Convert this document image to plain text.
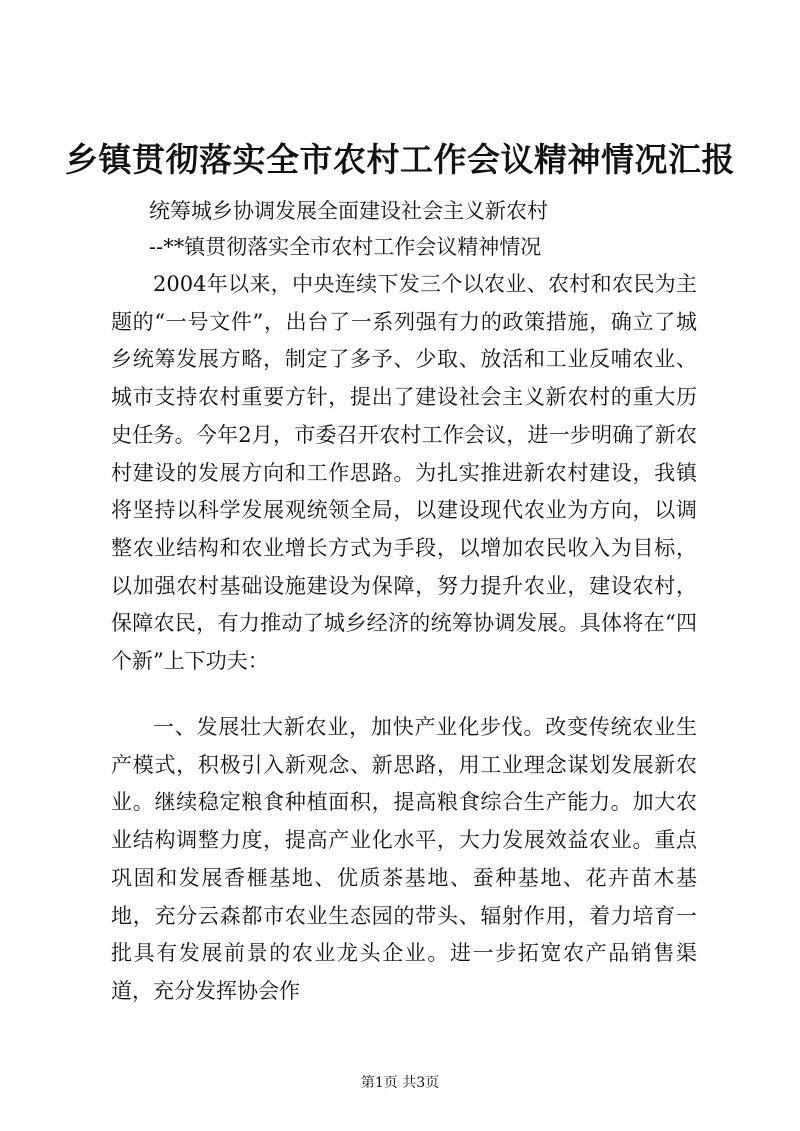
乡镇贯彻落实全市农村工作会议精神情况汇报
统筹城乡协调发展全面建设社会主义新农村
--**镇贯彻落实全市农村工作会议精神情况

2004年以来，中央连续下发三个以农业、农村和农民为主题的“一号文件”，出台了一系列强有力的政策措施，确立了城乡统筹发展方略，制定了多予、少取、放活和工业反哺农业、城市支持农村重要方针，提出了建设社会主义新农村的重大历史任务。今年2月，市委召开农村工作会议，进一步明确了新农村建设的发展方向和工作思路。为扎实推进新农村建设，我镇将坚持以科学发展观统领全局，以建设现代农业为方向，以调整农业结构和农业增长方式为手段，以增加农民收入为目标，以加强农村基础设施建设为保障，努力提升农业，建设农村，保障农民，有力推动了城乡经济的统筹协调发展。具体将在“四个新”上下功夫：

一、发展壮大新农业，加快产业化步伐。改变传统农业生产模式，积极引入新观念、新思路，用工业理念谋划发展新农业。继续稳定粮食种植面积，提高粮食综合生产能力。加大农业结构调整力度，提高产业化水平，大力发展效益农业。重点巩固和发展香榧基地、优质茶基地、蚕种基地、花卉苗木基地，充分云森都市农业生态园的带头、辐射作用，着力培育一批具有发展前景的农业龙头企业。进一步拓宽农产品销售渠道，充分发挥协会作

第1页 共3页
